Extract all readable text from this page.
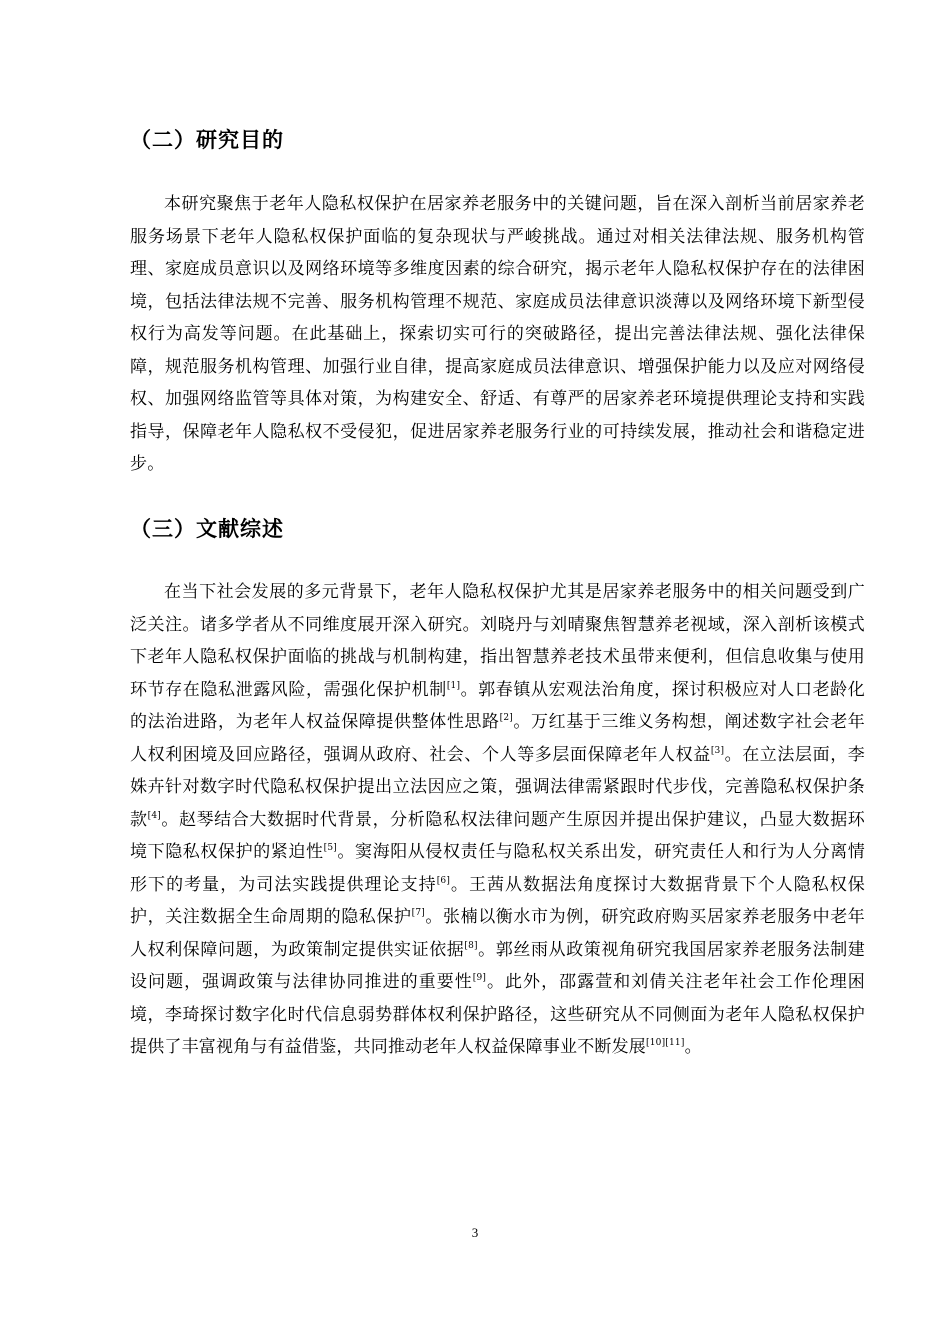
（二）研究目的

本研究聚焦于老年人隐私权保护在居家养老服务中的关键问题，旨在深入剖析当前居家养老服务场景下老年人隐私权保护面临的复杂现状与严峻挑战。通过对相关法律法规、服务机构管理、家庭成员意识以及网络环境等多维度因素的综合研究，揭示老年人隐私权保护存在的法律困境，包括法律法规不完善、服务机构管理不规范、家庭成员法律意识淡薄以及网络环境下新型侵权行为高发等问题。在此基础上，探索切实可行的突破路径，提出完善法律法规、强化法律保障，规范服务机构管理、加强行业自律，提高家庭成员法律意识、增强保护能力以及应对网络侵权、加强网络监管等具体对策，为构建安全、舒适、有尊严的居家养老环境提供理论支持和实践指导，保障老年人隐私权不受侵犯，促进居家养老服务行业的可持续发展，推动社会和谐稳定进步。

（三）文献综述

在当下社会发展的多元背景下，老年人隐私权保护尤其是居家养老服务中的相关问题受到广泛关注。诸多学者从不同维度展开深入研究。刘晓丹与刘晴聚焦智慧养老视域，深入剖析该模式下老年人隐私权保护面临的挑战与机制构建，指出智慧养老技术虽带来便利，但信息收集与使用环节存在隐私泄露风险，需强化保护机制[1]。郭春镇从宏观法治角度，探讨积极应对人口老龄化的法治进路，为老年人权益保障提供整体性思路[2]。万红基于三维义务构想，阐述数字社会老年人权利困境及回应路径，强调从政府、社会、个人等多层面保障老年人权益[3]。在立法层面，李姝卉针对数字时代隐私权保护提出立法因应之策，强调法律需紧跟时代步伐，完善隐私权保护条款[4]。赵琴结合大数据时代背景，分析隐私权法律问题产生原因并提出保护建议，凸显大数据环境下隐私权保护的紧迫性[5]。窦海阳从侵权责任与隐私权关系出发，研究责任人和行为人分离情形下的考量，为司法实践提供理论支持[6]。王茜从数据法角度探讨大数据背景下个人隐私权保护，关注数据全生命周期的隐私保护[7]。张楠以衡水市为例，研究政府购买居家养老服务中老年人权利保障问题，为政策制定提供实证依据[8]。郭丝雨从政策视角研究我国居家养老服务法制建设问题，强调政策与法律协同推进的重要性[9]。此外，邵露萱和刘倩关注老年社会工作伦理困境，李琦探讨数字化时代信息弱势群体权利保护路径，这些研究从不同侧面为老年人隐私权保护提供了丰富视角与有益借鉴，共同推动老年人权益保障事业不断发展[10][11]。

3
